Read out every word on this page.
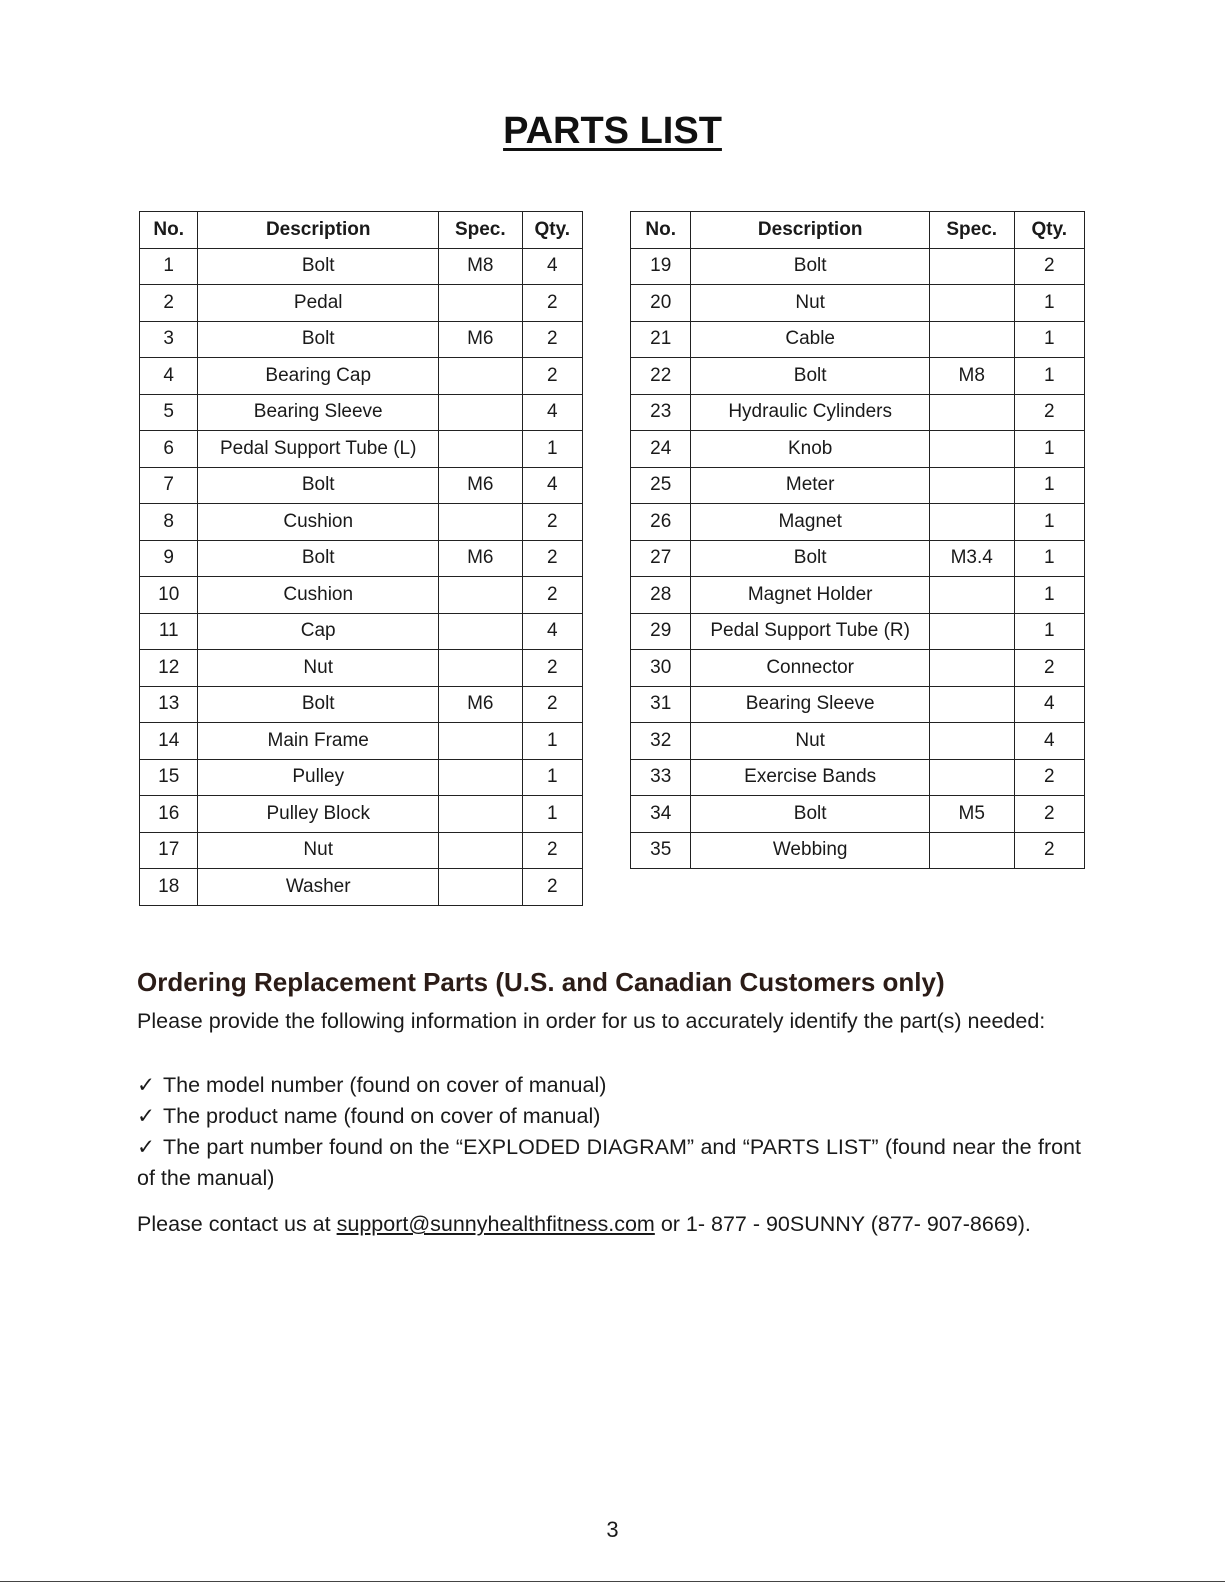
PARTS LIST
No.	Description	Spec.	Qty.
1	Bolt	M8	4
2	Pedal		2
3	Bolt	M6	2
4	Bearing Cap		2
5	Bearing Sleeve		4
6	Pedal Support Tube (L)		1
7	Bolt	M6	4
8	Cushion		2
9	Bolt	M6	2
10	Cushion		2
11	Cap		4
12	Nut		2
13	Bolt	M6	2
14	Main Frame		1
15	Pulley		1
16	Pulley Block		1
17	Nut		2
18	Washer		2
No.	Description	Spec.	Qty.
19	Bolt		2
20	Nut		1
21	Cable		1
22	Bolt	M8	1
23	Hydraulic Cylinders		2
24	Knob		1
25	Meter		1
26	Magnet		1
27	Bolt	M3.4	1
28	Magnet Holder		1
29	Pedal Support Tube (R)		1
30	Connector		2
31	Bearing Sleeve		4
32	Nut		4
33	Exercise Bands		2
34	Bolt	M5	2
35	Webbing		2
Ordering Replacement Parts (U.S. and Canadian Customers only)
Please provide the following information in order for us to accurately identify the part(s) needed:
✓ The model number (found on cover of manual)
✓ The product name (found on cover of manual)
✓ The part number found on the “EXPLODED DIAGRAM” and “PARTS LIST” (found near the front of the manual)
Please contact us at support@sunnyhealthfitness.com or 1- 877 - 90SUNNY (877- 907-8669).
3
